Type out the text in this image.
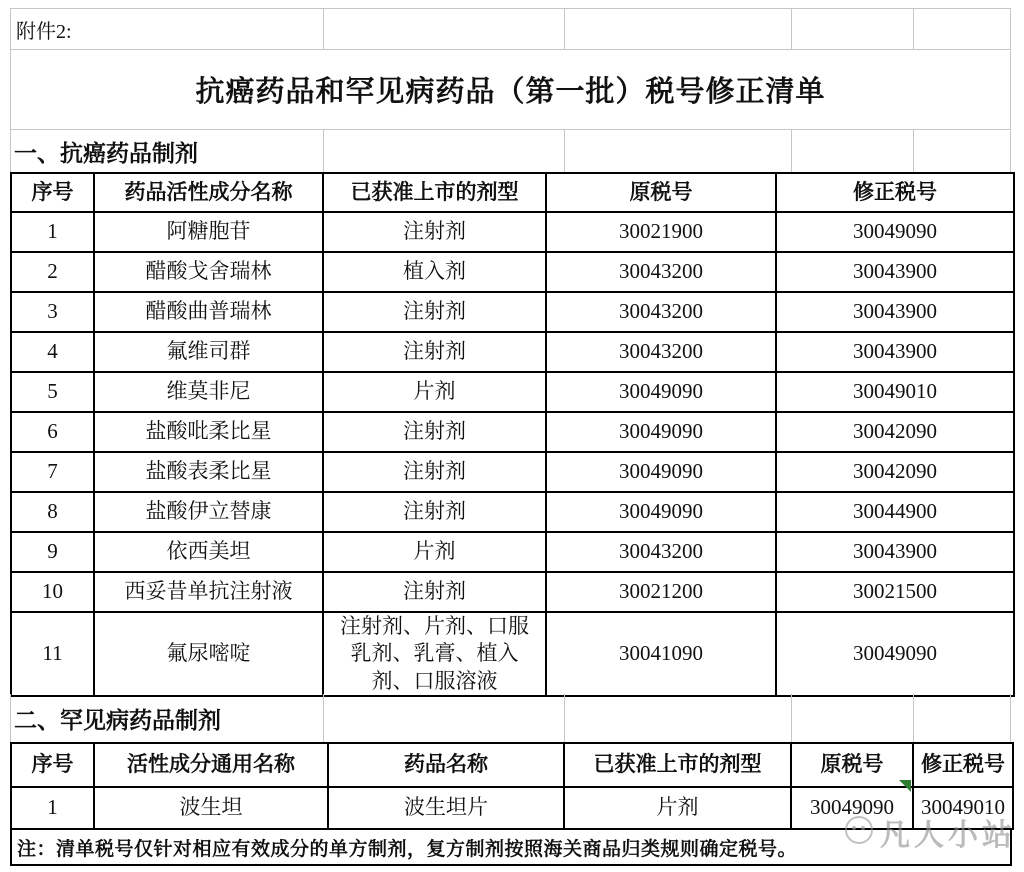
附件2:
抗癌药品和罕见病药品（第一批）税号修正清单
一、抗癌药品制剂
序号	药品活性成分名称	已获准上市的剂型	原税号	修正税号
1	阿糖胞苷	注射剂	30021900	30049090
2	醋酸戈舍瑞林	植入剂	30043200	30043900
3	醋酸曲普瑞林	注射剂	30043200	30043900
4	氟维司群	注射剂	30043200	30043900
5	维莫非尼	片剂	30049090	30049010
6	盐酸吡柔比星	注射剂	30049090	30042090
7	盐酸表柔比星	注射剂	30049090	30042090
8	盐酸伊立替康	注射剂	30049090	30044900
9	依西美坦	片剂	30043200	30043900
10	西妥昔单抗注射液	注射剂	30021200	30021500
11	氟尿嘧啶	注射剂、片剂、口服乳剂、乳膏、植入剂、口服溶液	30041090	30049090
二、罕见病药品制剂
序号	活性成分通用名称	药品名称	已获准上市的剂型	原税号	修正税号
1	波生坦	波生坦片	片剂	30049090	30049010
注：清单税号仅针对相应有效成分的单方制剂，复方制剂按照海关商品归类规则确定税号。	凡人小站
